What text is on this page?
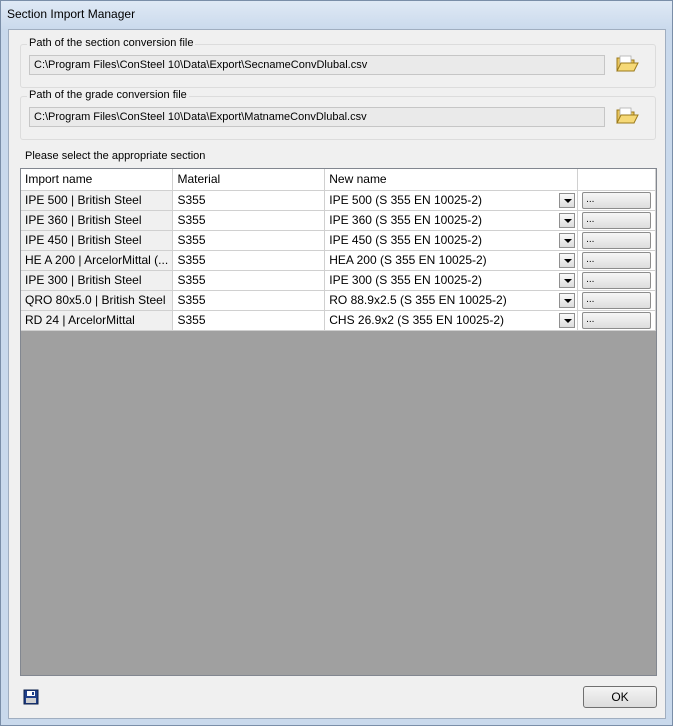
Section Import Manager
Path of the section conversion file
C:\Program Files\ConSteel 10\Data\Export\SecnameConvDlubal.csv
Path of the grade conversion file
C:\Program Files\ConSteel 10\Data\Export\MatnameConvDlubal.csv
Please select the appropriate section
Import name	Material	New name	
IPE 500 | British Steel	S355	IPE 500 (S 355 EN 10025-2)	...
IPE 360 | British Steel	S355	IPE 360 (S 355 EN 10025-2)	...
IPE 450 | British Steel	S355	IPE 450 (S 355 EN 10025-2)	...
HE A 200 | ArcelorMittal (...	S355	HEA 200 (S 355 EN 10025-2)	...
IPE 300 | British Steel	S355	IPE 300 (S 355 EN 10025-2)	...
QRO 80x5.0 | British Steel	S355	RO 88.9x2.5 (S 355 EN 10025-2)	...
RD 24 | ArcelorMittal	S355	CHS 26.9x2 (S 355 EN 10025-2)	...
OK
